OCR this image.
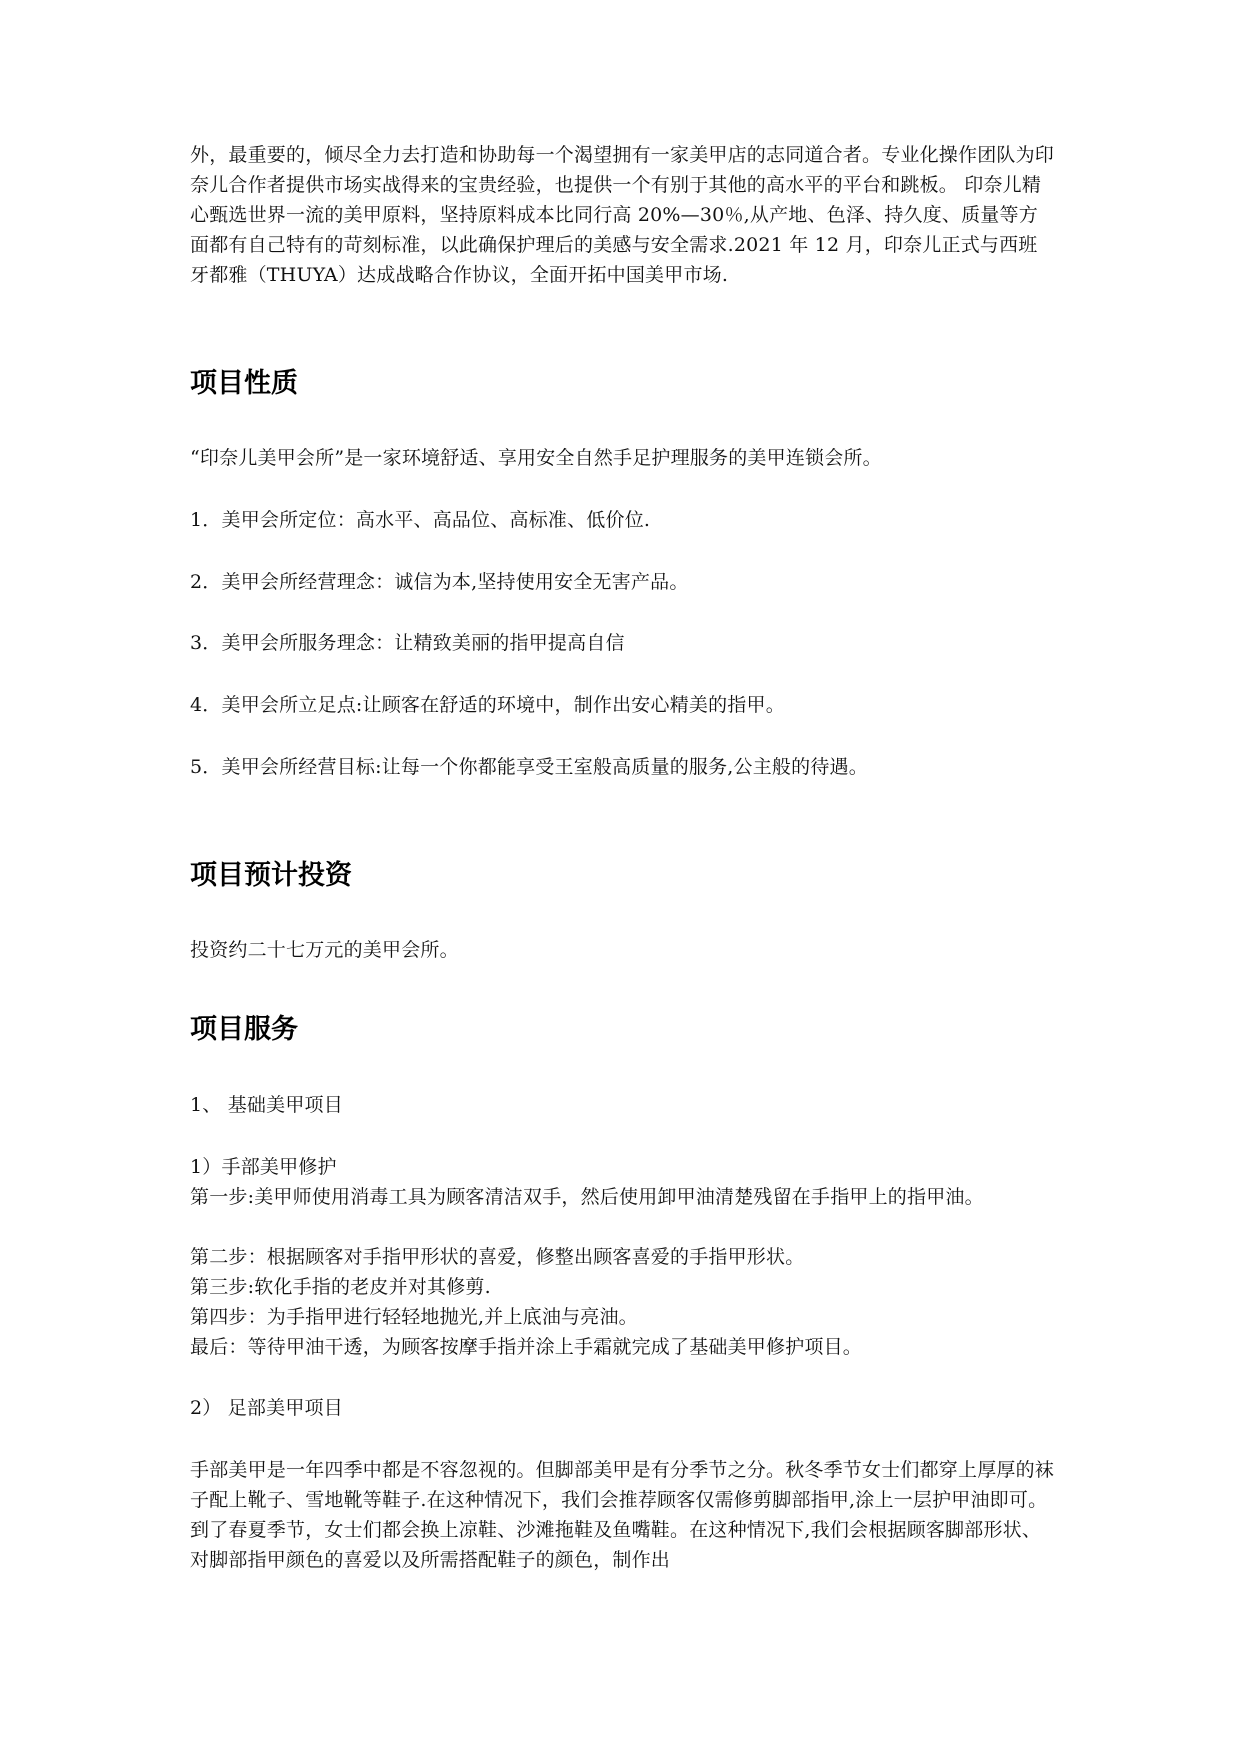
外，最重要的，倾尽全力去打造和协助每一个渴望拥有一家美甲店的志同道合者。专业化操作团队为印奈儿合作者提供市场实战得来的宝贵经验，也提供一个有别于其他的高水平的平台和跳板。 印奈儿精心甄选世界一流的美甲原料，坚持原料成本比同行高 20%—30％,从产地、色泽、持久度、质量等方面都有自己特有的苛刻标准，以此确保护理后的美感与安全需求.2021 年 12 月，印奈儿正式与西班牙都雅（THUYA）达成战略合作协议，全面开拓中国美甲市场.
项目性质
“印奈儿美甲会所”是一家环境舒适、享用安全自然手足护理服务的美甲连锁会所。
1．美甲会所定位：高水平、高品位、高标准、低价位.
2．美甲会所经营理念：诚信为本,坚持使用安全无害产品。
3．美甲会所服务理念：让精致美丽的指甲提高自信
4．美甲会所立足点:让顾客在舒适的环境中，制作出安心精美的指甲。
5．美甲会所经营目标:让每一个你都能享受王室般高质量的服务,公主般的待遇。
项目预计投资
投资约二十七万元的美甲会所。
项目服务
1、 基础美甲项目
1）手部美甲修护
第一步:美甲师使用消毒工具为顾客清洁双手，然后使用卸甲油清楚残留在手指甲上的指甲油。
第二步：根据顾客对手指甲形状的喜爱，修整出顾客喜爱的手指甲形状。
第三步:软化手指的老皮并对其修剪.
第四步：为手指甲进行轻轻地抛光,并上底油与亮油。
最后：等待甲油干透，为顾客按摩手指并涂上手霜就完成了基础美甲修护项目。
2） 足部美甲项目
手部美甲是一年四季中都是不容忽视的。但脚部美甲是有分季节之分。秋冬季节女士们都穿上厚厚的袜子配上靴子、雪地靴等鞋子.在这种情况下，我们会推荐顾客仅需修剪脚部指甲,涂上一层护甲油即可。到了春夏季节，女士们都会换上凉鞋、沙滩拖鞋及鱼嘴鞋。在这种情况下,我们会根据顾客脚部形状、对脚部指甲颜色的喜爱以及所需搭配鞋子的颜色，制作出
